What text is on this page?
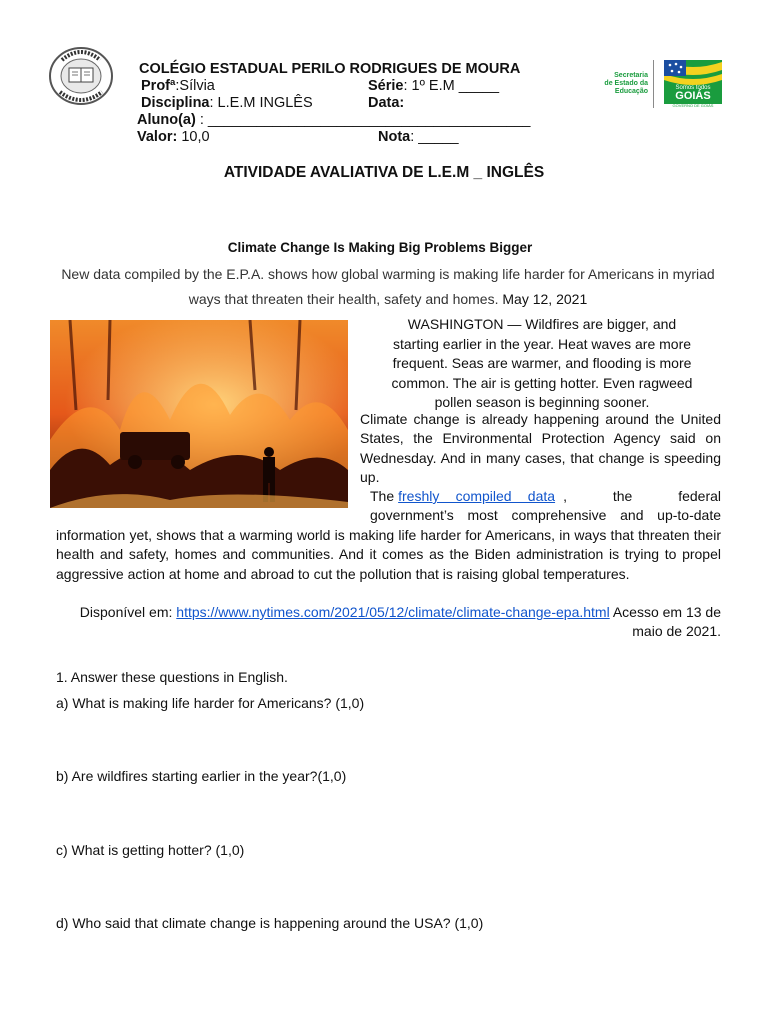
COLÉGIO ESTADUAL PERILO RODRIGUES DE MOURA
Profª:Sílvia	Série: 1º E.M _____
Disciplina: L.E.M INGLÊS	Data:
Aluno(a) : ________________________________________
Valor: 10,0	Nota: _____
Secretaria
de Estado da
Educação	Somos todos
GOIÁS
GOVERNO DE GOIÁS
ATIVIDADE AVALIATIVA DE L.E.M _ INGLÊS
Climate Change Is Making Big Problems Bigger
New data compiled by the E.P.A. shows how global warming is making life harder for Americans in myriad ways that threaten their health, safety and homes. May 12, 2021
WASHINGTON — Wildfires are bigger, and
starting earlier in the year. Heat waves are more
frequent. Seas are warmer, and flooding is more
common. The air is getting hotter. Even ragweed
pollen season is beginning sooner.
Climate change is already happening around the United States, the Environmental Protection Agency said on Wednesday. And in many cases, that change is speeding up.
The freshly compiled data , the federal
government’s most comprehensive and up-to-date
information yet, shows that a warming world is making life harder for Americans, in ways that threaten their health and safety, homes and communities. And it comes as the Biden administration is trying to propel aggressive action at home and abroad to cut the pollution that is raising global temperatures.
Disponível em: https://www.nytimes.com/2021/05/12/climate/climate-change-epa.html Acesso em 13 de maio de 2021.
1. Answer these questions in English.
a) What is making life harder for Americans? (1,0)
b) Are wildfires starting earlier in the year?(1,0)
c) What is getting hotter? (1,0)
d) Who said that climate change is happening around the USA? (1,0)
